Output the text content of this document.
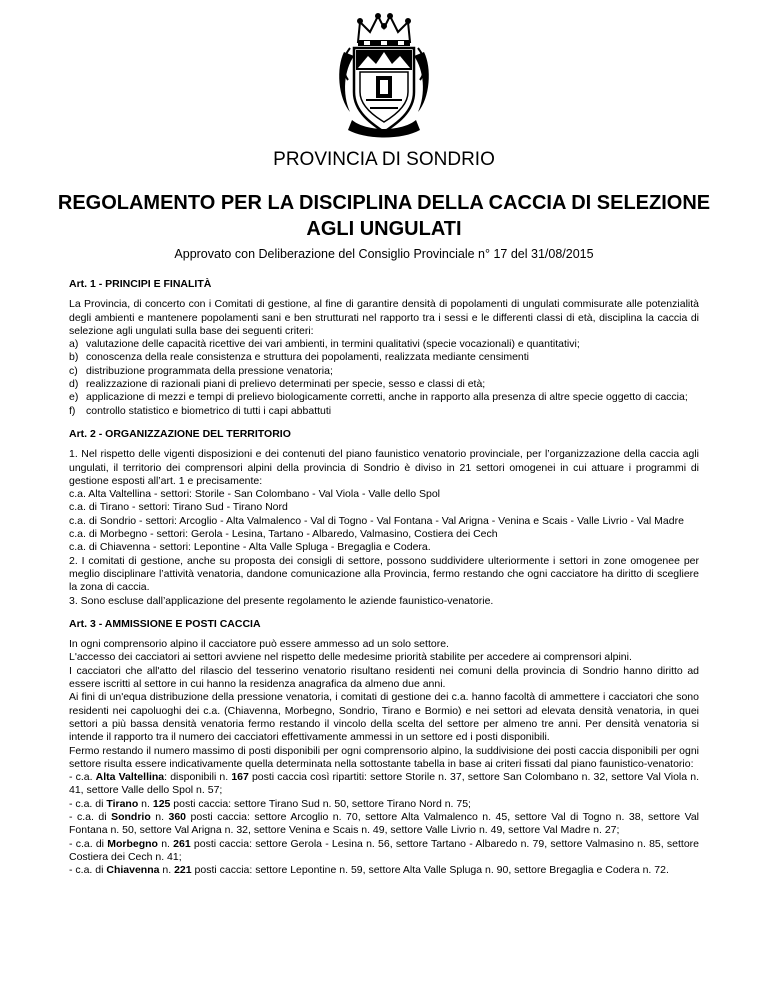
PROVINCIA DI SONDRIO
REGOLAMENTO PER LA DISCIPLINA DELLA CACCIA DI SELEZIONE
AGLI UNGULATI
Approvato con Deliberazione del Consiglio Provinciale n° 17 del 31/08/2015
Art. 1 - PRINCIPI E FINALITÀ

La Provincia, di concerto con i Comitati di gestione, al fine di garantire densità di popolamenti di ungulati commisurate alle potenzialità degli ambienti e mantenere popolamenti sani e ben strutturati nel rapporto tra i sessi e le differenti classi di età, disciplina la caccia di selezione agli ungulati sulla base dei seguenti criteri:

a) valutazione delle capacità ricettive dei vari ambienti, in termini qualitativi (specie vocazionali) e quantitativi;
b) conoscenza della reale consistenza e struttura dei popolamenti, realizzata mediante censimenti
c) distribuzione programmata della pressione venatoria;
d) realizzazione di razionali piani di prelievo determinati per specie, sesso e classi di età;
e) applicazione di mezzi e tempi di prelievo biologicamente corretti, anche in rapporto alla presenza di altre specie oggetto di caccia;
f) controllo statistico e biometrico di tutti i capi abbattuti
Art. 2 - ORGANIZZAZIONE DEL TERRITORIO

1. Nel rispetto delle vigenti disposizioni e dei contenuti del piano faunistico venatorio provinciale, per l’organizzazione della caccia agli ungulati, il territorio dei comprensori alpini della provincia di Sondrio è diviso in 21 settori omogenei in cui attuare i programmi di gestione esposti all’art. 1 e precisamente:

c.a. Alta Valtellina - settori: Storile - San Colombano - Val Viola - Valle dello Spol

c.a. di Tirano - settori: Tirano Sud - Tirano Nord

c.a. di Sondrio - settori: Arcoglio - Alta Valmalenco - Val di Togno - Val Fontana - Val Arigna - Venina e Scais - Valle Livrio - Val Madre

c.a. di Morbegno - settori: Gerola - Lesina, Tartano - Albaredo, Valmasino, Costiera dei Cech

c.a. di Chiavenna - settori: Lepontine - Alta Valle Spluga - Bregaglia e Codera.

2. I comitati di gestione, anche su proposta dei consigli di settore, possono suddividere ulteriormente i settori in zone omogenee per meglio disciplinare l’attività venatoria, dandone comunicazione alla Provincia, fermo restando che ogni cacciatore ha diritto di scegliere la zona di caccia.

3. Sono escluse dall’applicazione del presente regolamento le aziende faunistico-venatorie.

Art. 3 - AMMISSIONE E POSTI CACCIA

In ogni comprensorio alpino il cacciatore può essere ammesso ad un solo settore.

L'accesso dei cacciatori ai settori avviene nel rispetto delle medesime priorità stabilite per accedere ai comprensori alpini.

I cacciatori che all'atto del rilascio del tesserino venatorio risultano residenti nei comuni della provincia di Sondrio hanno diritto ad essere iscritti al settore in cui hanno la residenza anagrafica da almeno due anni.

Ai fini di un'equa distribuzione della pressione venatoria, i comitati di gestione dei c.a. hanno facoltà di ammettere i cacciatori che sono residenti nei capoluoghi dei c.a. (Chiavenna, Morbegno, Sondrio, Tirano e Bormio) e nei settori ad elevata densità venatoria, in quei settori a più bassa densità venatoria fermo restando il vincolo della scelta del settore per almeno tre anni. Per densità venatoria si intende il rapporto tra il numero dei cacciatori effettivamente ammessi in un settore ed i posti disponibili.

Fermo restando il numero massimo di posti disponibili per ogni comprensorio alpino, la suddivisione dei posti caccia disponibili per ogni settore risulta essere indicativamente quella determinata nella sottostante tabella in base ai criteri fissati dal piano faunistico-venatorio:

- c.a. Alta Valtellina: disponibili n. 167 posti caccia così ripartiti: settore Storile n. 37, settore San Colombano n. 32, settore Val Viola n. 41, settore Valle dello Spol n. 57;

- c.a. di Tirano n. 125 posti caccia: settore Tirano Sud n. 50, settore Tirano Nord n. 75;

- c.a. di Sondrio n. 360 posti caccia: settore Arcoglio n. 70, settore Alta Valmalenco n. 45, settore Val di Togno n. 38, settore Val Fontana n. 50, settore Val Arigna n. 32, settore Venina e Scais n. 49, settore Valle Livrio n. 49, settore Val Madre n. 27;

- c.a. di Morbegno n. 261 posti caccia: settore Gerola - Lesina n. 56, settore Tartano - Albaredo n. 79, settore Valmasino n. 85, settore Costiera dei Cech n. 41;

- c.a. di Chiavenna n. 221 posti caccia: settore Lepontine n. 59, settore Alta Valle Spluga n. 90, settore Bregaglia e Codera n. 72.
